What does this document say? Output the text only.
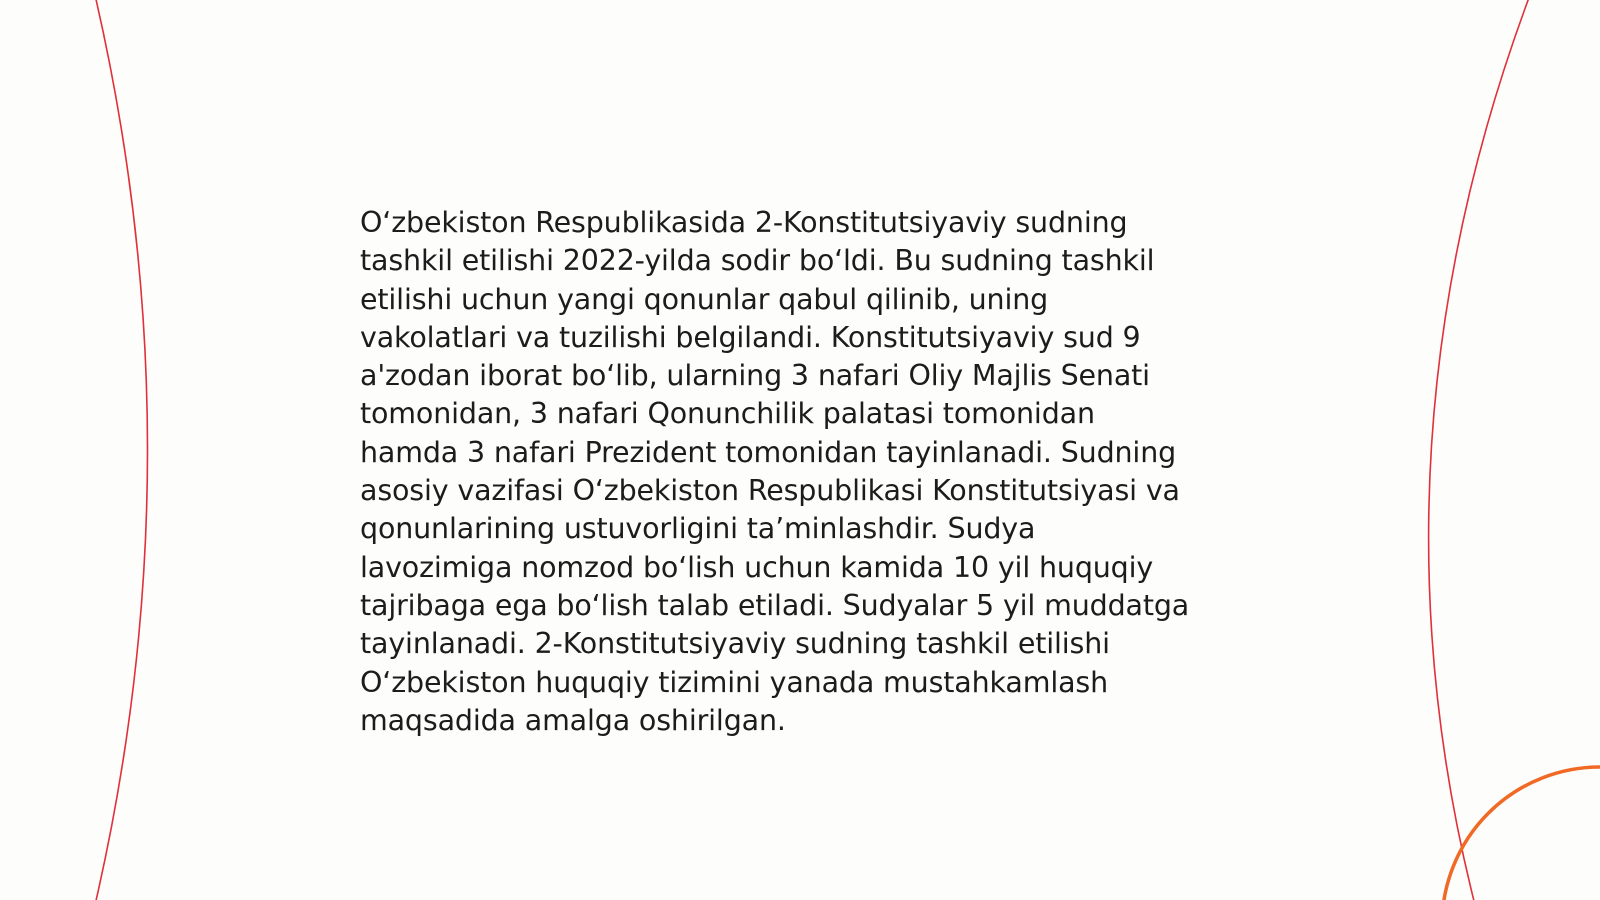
O‘zbekiston Respublikasida 2-Konstitutsiyaviy sudning
tashkil etilishi 2022-yilda sodir bo‘ldi. Bu sudning tashkil
etilishi uchun yangi qonunlar qabul qilinib, uning
vakolatlari va tuzilishi belgilandi. Konstitutsiyaviy sud 9
a'zodan iborat bo‘lib, ularning 3 nafari Oliy Majlis Senati
tomonidan, 3 nafari Qonunchilik palatasi tomonidan
hamda 3 nafari Prezident tomonidan tayinlanadi. Sudning
asosiy vazifasi O‘zbekiston Respublikasi Konstitutsiyasi va
qonunlarining ustuvorligini ta’minlashdir. Sudya
lavozimiga nomzod bo‘lish uchun kamida 10 yil huquqiy
tajribaga ega bo‘lish talab etiladi. Sudyalar 5 yil muddatga
tayinlanadi. 2-Konstitutsiyaviy sudning tashkil etilishi
O‘zbekiston huquqiy tizimini yanada mustahkamlash
maqsadida amalga oshirilgan.
